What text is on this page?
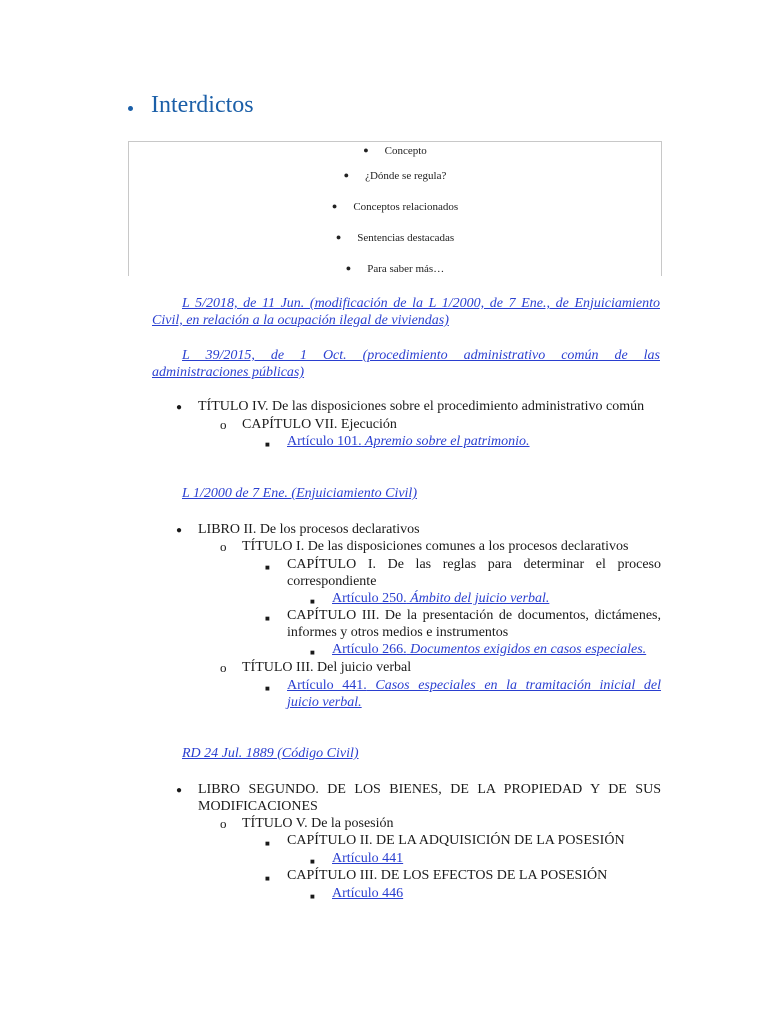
Interdictos
● Concepto
● ¿Dónde se regula?
● Conceptos relacionados
● Sentencias destacadas
● Para saber más…
L 5/2018, de 11 Jun. (modificación de la L 1/2000, de 7 Ene., de Enjuiciamiento
Civil, en relación a la ocupación ilegal de viviendas)
L 39/2015, de 1 Oct. (procedimiento administrativo común de las
administraciones públicas)
● TÍTULO IV. De las disposiciones sobre el procedimiento administrativo común
o CAPÍTULO VII. Ejecución
■ Artículo 101. Apremio sobre el patrimonio.
L 1/2000 de 7 Ene. (Enjuiciamiento Civil)
● LIBRO II. De los procesos declarativos
o TÍTULO I. De las disposiciones comunes a los procesos declarativos
■ CAPÍTULO I. De las reglas para determinar el proceso
correspondiente
■ Artículo 250. Ámbito del juicio verbal.
■ CAPÍTULO III. De la presentación de documentos, dictámenes,
informes y otros medios e instrumentos
■ Artículo 266. Documentos exigidos en casos especiales.
o TÍTULO III. Del juicio verbal
■ Artículo 441. Casos especiales en la tramitación inicial del
juicio verbal.
RD 24 Jul. 1889 (Código Civil)
● LIBRO SEGUNDO. DE LOS BIENES, DE LA PROPIEDAD Y DE SUS
MODIFICACIONES
o TÍTULO V. De la posesión
■ CAPÍTULO II. DE LA ADQUISICIÓN DE LA POSESIÓN
■ Artículo 441
■ CAPÍTULO III. DE LOS EFECTOS DE LA POSESIÓN
■ Artículo 446
